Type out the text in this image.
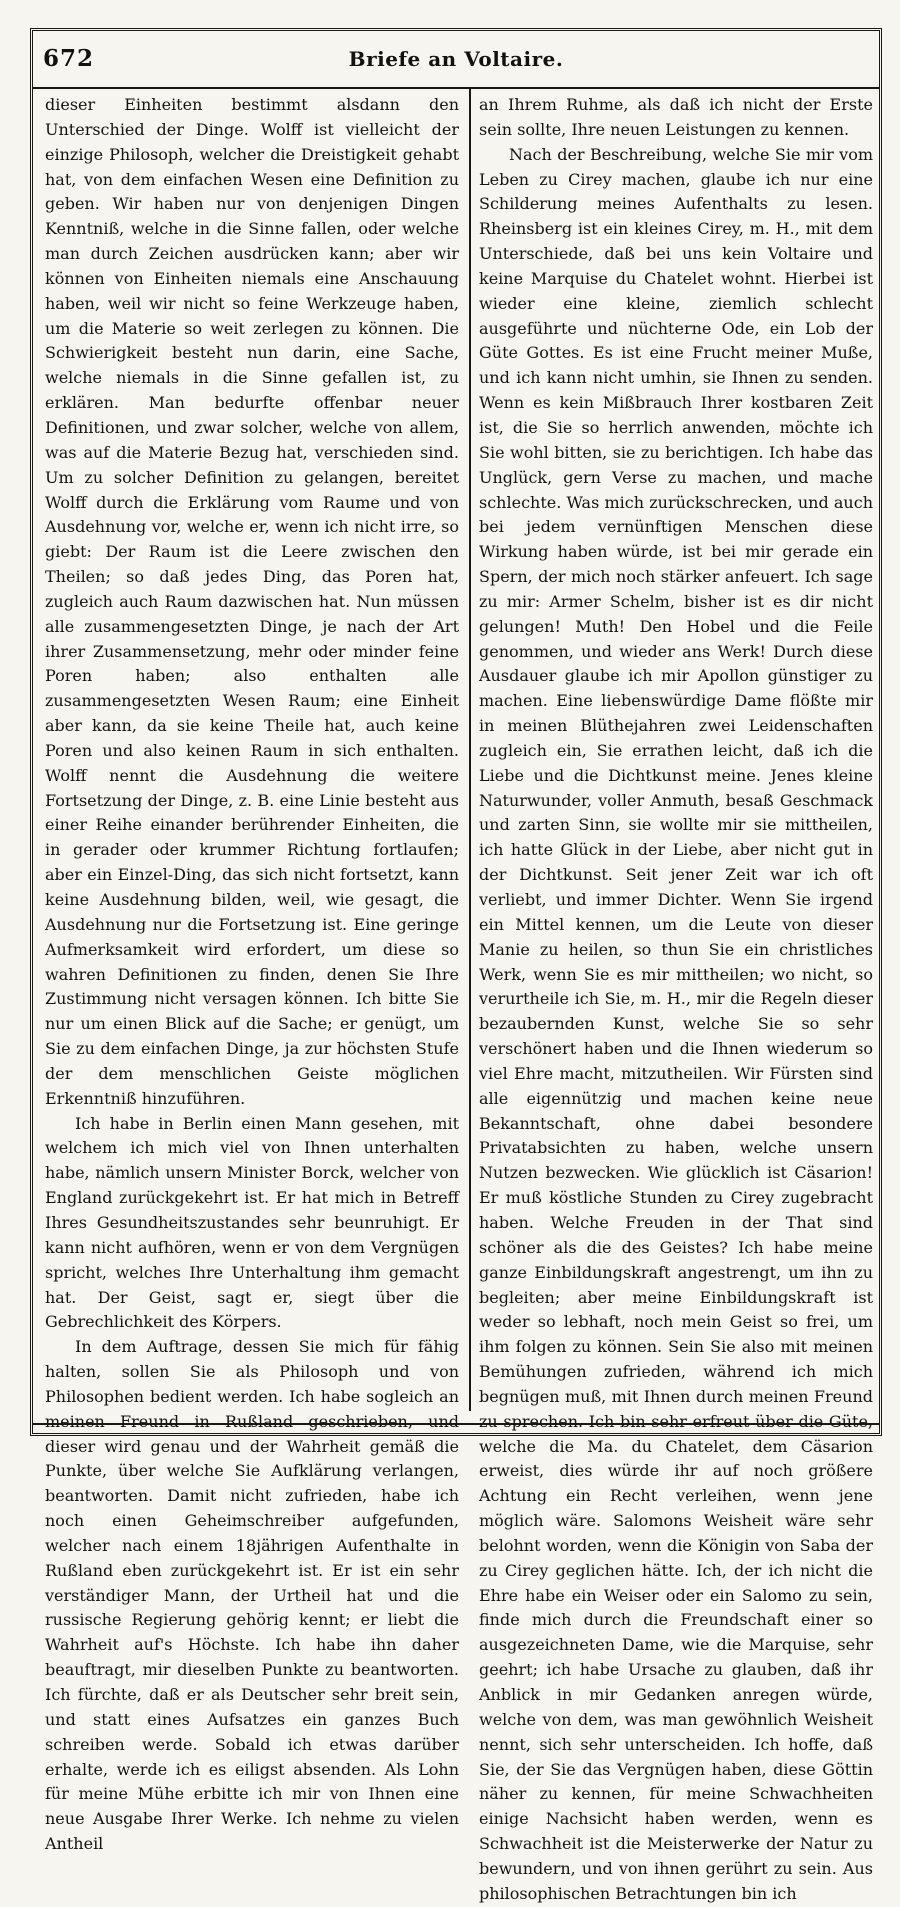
672	Briefe an Voltaire.

dieser Einheiten bestimmt alsdann den Unterschied der Dinge. Wolff ist vielleicht der einzige Philosoph, welcher die Dreistigkeit gehabt hat, von dem einfachen Wesen eine Definition zu geben. Wir haben nur von denjenigen Dingen Kenntniß, welche in die Sinne fallen, oder welche man durch Zeichen ausdrücken kann; aber wir können von Einheiten niemals eine Anschauung haben, weil wir nicht so feine Werkzeuge haben, um die Materie so weit zerlegen zu können. Die Schwierigkeit besteht nun darin, eine Sache, welche niemals in die Sinne gefallen ist, zu erklären. Man bedurfte offenbar neuer Definitionen, und zwar solcher, welche von allem, was auf die Materie Bezug hat, verschieden sind. Um zu solcher Definition zu gelangen, bereitet Wolff durch die Erklärung vom Raume und von Ausdehnung vor, welche er, wenn ich nicht irre, so giebt: Der Raum ist die Leere zwischen den Theilen; so daß jedes Ding, das Poren hat, zugleich auch Raum dazwischen hat. Nun müssen alle zusammengesetzten Dinge, je nach der Art ihrer Zusammensetzung, mehr oder minder feine Poren haben; also enthalten alle zusammengesetzten Wesen Raum; eine Einheit aber kann, da sie keine Theile hat, auch keine Poren und also keinen Raum in sich enthalten. Wolff nennt die Ausdehnung die weitere Fortsetzung der Dinge, z. B. eine Linie besteht aus einer Reihe einander berührender Einheiten, die in gerader oder krummer Richtung fortlaufen; aber ein Einzel-Ding, das sich nicht fortsetzt, kann keine Ausdehnung bilden, weil, wie gesagt, die Ausdehnung nur die Fortsetzung ist. Eine geringe Aufmerksamkeit wird erfordert, um diese so wahren Definitionen zu finden, denen Sie Ihre Zustimmung nicht versagen können. Ich bitte Sie nur um einen Blick auf die Sache; er genügt, um Sie zu dem einfachen Dinge, ja zur höchsten Stufe der dem menschlichen Geiste möglichen Erkenntniß hinzuführen.

Ich habe in Berlin einen Mann gesehen, mit welchem ich mich viel von Ihnen unterhalten habe, nämlich unsern Minister Borck, welcher von England zurückgekehrt ist. Er hat mich in Betreff Ihres Gesundheitszustandes sehr beunruhigt. Er kann nicht aufhören, wenn er von dem Vergnügen spricht, welches Ihre Unterhaltung ihm gemacht hat. Der Geist, sagt er, siegt über die Gebrechlichkeit des Körpers.

In dem Auftrage, dessen Sie mich für fähig halten, sollen Sie als Philosoph und von Philosophen bedient werden. Ich habe sogleich an meinen Freund in Rußland geschrieben, und dieser wird genau und der Wahrheit gemäß die Punkte, über welche Sie Aufklärung verlangen, beantworten. Damit nicht zufrieden, habe ich noch einen Geheimschreiber aufgefunden, welcher nach einem 18jährigen Aufenthalte in Rußland eben zurückgekehrt ist. Er ist ein sehr verständiger Mann, der Urtheil hat und die russische Regierung gehörig kennt; er liebt die Wahrheit auf's Höchste. Ich habe ihn daher beauftragt, mir dieselben Punkte zu beantworten. Ich fürchte, daß er als Deutscher sehr breit sein, und statt eines Aufsatzes ein ganzes Buch schreiben werde. Sobald ich etwas darüber erhalte, werde ich es eiligst absenden. Als Lohn für meine Mühe erbitte ich mir von Ihnen eine neue Ausgabe Ihrer Werke. Ich nehme zu vielen Antheil

an Ihrem Ruhme, als daß ich nicht der Erste sein sollte, Ihre neuen Leistungen zu kennen.

Nach der Beschreibung, welche Sie mir vom Leben zu Cirey machen, glaube ich nur eine Schilderung meines Aufenthalts zu lesen. Rheinsberg ist ein kleines Cirey, m. H., mit dem Unterschiede, daß bei uns kein Voltaire und keine Marquise du Chatelet wohnt. Hierbei ist wieder eine kleine, ziemlich schlecht ausgeführte und nüchterne Ode, ein Lob der Güte Gottes. Es ist eine Frucht meiner Muße, und ich kann nicht umhin, sie Ihnen zu senden. Wenn es kein Mißbrauch Ihrer kostbaren Zeit ist, die Sie so herrlich anwenden, möchte ich Sie wohl bitten, sie zu berichtigen. Ich habe das Unglück, gern Verse zu machen, und mache schlechte. Was mich zurückschrecken, und auch bei jedem vernünftigen Menschen diese Wirkung haben würde, ist bei mir gerade ein Spern, der mich noch stärker anfeuert. Ich sage zu mir: Armer Schelm, bisher ist es dir nicht gelungen! Muth! Den Hobel und die Feile genommen, und wieder ans Werk! Durch diese Ausdauer glaube ich mir Apollon günstiger zu machen. Eine liebenswürdige Dame flößte mir in meinen Blüthejahren zwei Leidenschaften zugleich ein, Sie errathen leicht, daß ich die Liebe und die Dichtkunst meine. Jenes kleine Naturwunder, voller Anmuth, besaß Geschmack und zarten Sinn, sie wollte mir sie mittheilen, ich hatte Glück in der Liebe, aber nicht gut in der Dichtkunst. Seit jener Zeit war ich oft verliebt, und immer Dichter. Wenn Sie irgend ein Mittel kennen, um die Leute von dieser Manie zu heilen, so thun Sie ein christliches Werk, wenn Sie es mir mittheilen; wo nicht, so verurtheile ich Sie, m. H., mir die Regeln dieser bezaubernden Kunst, welche Sie so sehr verschönert haben und die Ihnen wiederum so viel Ehre macht, mitzutheilen. Wir Fürsten sind alle eigennützig und machen keine neue Bekanntschaft, ohne dabei besondere Privatabsichten zu haben, welche unsern Nutzen bezwecken. Wie glücklich ist Cäsarion! Er muß köstliche Stunden zu Cirey zugebracht haben. Welche Freuden in der That sind schöner als die des Geistes? Ich habe meine ganze Einbildungskraft angestrengt, um ihn zu begleiten; aber meine Einbildungskraft ist weder so lebhaft, noch mein Geist so frei, um ihm folgen zu können. Sein Sie also mit meinen Bemühungen zufrieden, während ich mich begnügen muß, mit Ihnen durch meinen Freund zu sprechen. Ich bin sehr erfreut über die Güte, welche die Ma. du Chatelet, dem Cäsarion erweist, dies würde ihr auf noch größere Achtung ein Recht verleihen, wenn jene möglich wäre. Salomons Weisheit wäre sehr belohnt worden, wenn die Königin von Saba der zu Cirey geglichen hätte. Ich, der ich nicht die Ehre habe ein Weiser oder ein Salomo zu sein, finde mich durch die Freundschaft einer so ausgezeichneten Dame, wie die Marquise, sehr geehrt; ich habe Ursache zu glauben, daß ihr Anblick in mir Gedanken anregen würde, welche von dem, was man gewöhnlich Weisheit nennt, sich sehr unterscheiden. Ich hoffe, daß Sie, der Sie das Vergnügen haben, diese Göttin näher zu kennen, für meine Schwachheiten einige Nachsicht haben werden, wenn es Schwachheit ist die Meisterwerke der Natur zu bewundern, und von ihnen gerührt zu sein. Aus philosophischen Betrachtungen bin ich
